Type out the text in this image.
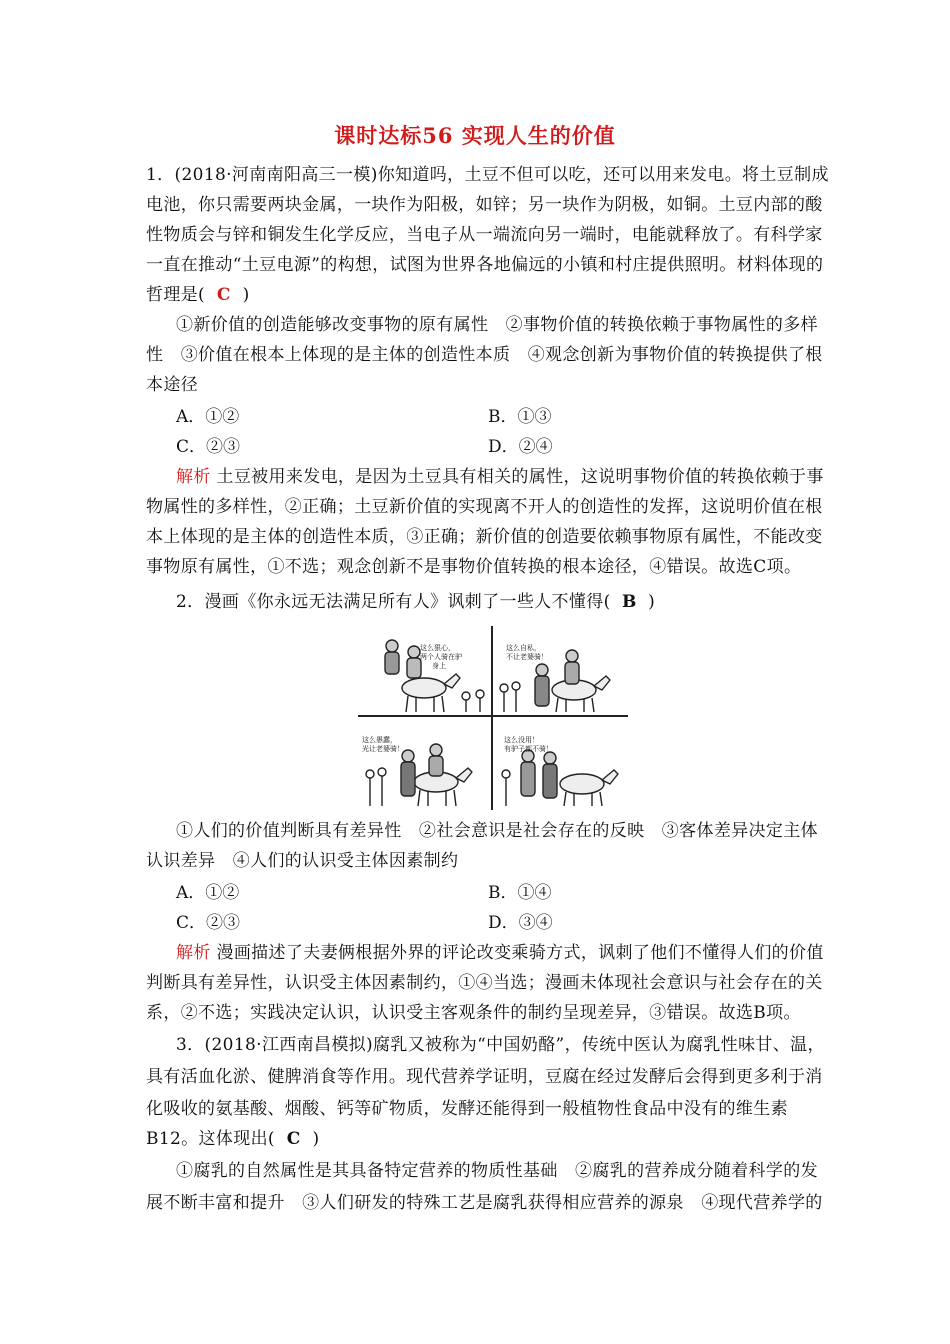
课时达标56 实现人生的价值
1．(2018·河南南阳高三一模)你知道吗，土豆不但可以吃，还可以用来发电。将土豆制成
电池，你只需要两块金属，一块作为阳极，如锌；另一块作为阴极，如铜。土豆内部的酸
性物质会与锌和铜发生化学反应，当电子从一端流向另一端时，电能就释放了。有科学家
一直在推动“土豆电源”的构想，试图为世界各地偏远的小镇和村庄提供照明。材料体现的
哲理是( C )
①新价值的创造能够改变事物的原有属性　②事物价值的转换依赖于事物属性的多样
性　③价值在根本上体现的是主体的创造性本质　④观念创新为事物价值的转换提供了根
本途径
A．①②	B．①③
C．②③	D．②④
解析 土豆被用来发电，是因为土豆具有相关的属性，这说明事物价值的转换依赖于事
物属性的多样性，②正确；土豆新价值的实现离不开人的创造性的发挥，这说明价值在根
本上体现的是主体的创造性本质，③正确；新价值的创造要依赖事物原有属性，不能改变
事物原有属性，①不选；观念创新不是事物价值转换的根本途径，④错误。故选C项。
2．漫画《你永远无法满足所有人》讽刺了一些人不懂得( B )
这么狠心，
两个人骑在驴
身上
这么自私，
不让老婆骑！
这么愚蠢，
光让老婆骑！
这么没用！
有驴子都不骑！
①人们的价值判断具有差异性　②社会意识是社会存在的反映　③客体差异决定主体
认识差异　④人们的认识受主体因素制约
A．①②	B．①④
C．②③	D．③④
解析 漫画描述了夫妻俩根据外界的评论改变乘骑方式，讽刺了他们不懂得人们的价值
判断具有差异性，认识受主体因素制约，①④当选；漫画未体现社会意识与社会存在的关
系，②不选；实践决定认识，认识受主客观条件的制约呈现差异，③错误。故选B项。
3．(2018·江西南昌模拟)腐乳又被称为“中国奶酪”，传统中医认为腐乳性味甘、温，
具有活血化淤、健脾消食等作用。现代营养学证明，豆腐在经过发酵后会得到更多利于消
化吸收的氨基酸、烟酸、钙等矿物质，发酵还能得到一般植物性食品中没有的维生素
B12。这体现出( C )
①腐乳的自然属性是其具备特定营养的物质性基础　②腐乳的营养成分随着科学的发
展不断丰富和提升　③人们研发的特殊工艺是腐乳获得相应营养的源泉　④现代营养学的
